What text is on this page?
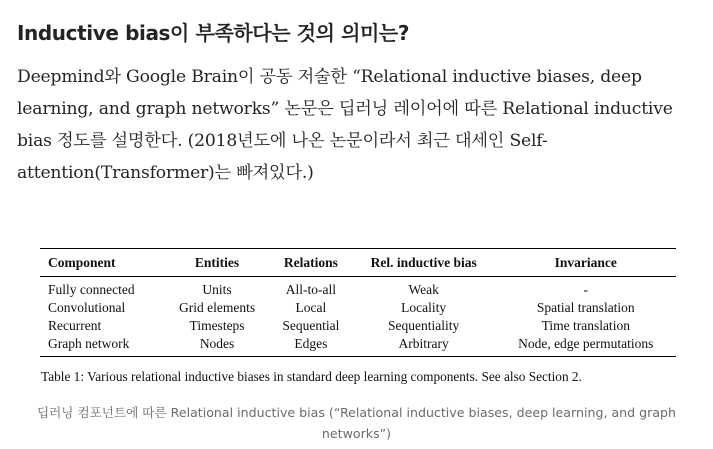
Inductive bias이 부족하다는 것의 의미는?

Deepmind와 Google Brain이 공동 저술한 “Relational inductive biases, deep learning, and graph networks” 논문은 딥러닝 레이어에 따른 Relational inductive bias 정도를 설명한다. (2018년도에 나온 논문이라서 최근 대세인 Self-attention(Transformer)는 빠져있다.)

Component	Entities	Relations	Rel. inductive bias	Invariance
Fully connected	Units	All-to-all	Weak	-
Convolutional	Grid elements	Local	Locality	Spatial translation
Recurrent	Timesteps	Sequential	Sequentiality	Time translation
Graph network	Nodes	Edges	Arbitrary	Node, edge permutations

Table 1: Various relational inductive biases in standard deep learning components. See also Section 2.

딥러닝 컴포넌트에 따른 Relational inductive bias (“Relational inductive biases, deep learning, and graph networks”)
